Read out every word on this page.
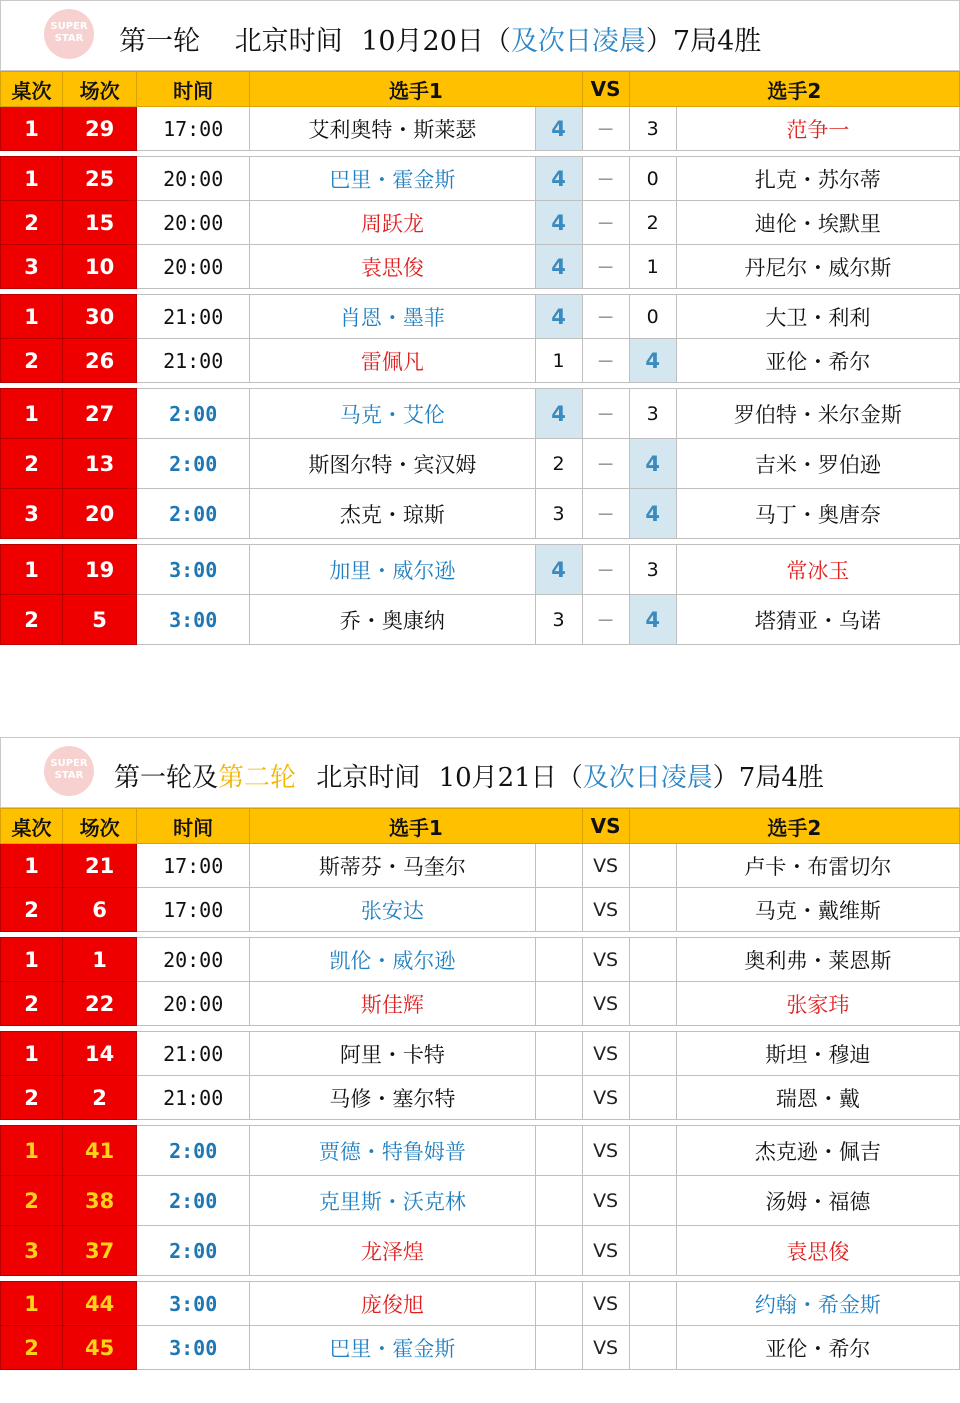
SUPER
STAR	第一轮 北京时间 10月20日（及次日凌晨）7局4胜
桌次	场次	时间	选手1		VS	选手2	
1	29	17:00	艾利奥特・斯莱瑟	4	－	3	范争一

1	25	20:00	巴里・霍金斯	4	－	0	扎克・苏尔蒂
2	15	20:00	周跃龙	4	－	2	迪伦・埃默里
3	10	20:00	袁思俊	4	－	1	丹尼尔・威尔斯

1	30	21:00	肖恩・墨菲	4	－	0	大卫・利利
2	26	21:00	雷佩凡	1	－	4	亚伦・希尔

1	27	2:00	马克・艾伦	4	－	3	罗伯特・米尔金斯
2	13	2:00	斯图尔特・宾汉姆	2	－	4	吉米・罗伯逊
3	20	2:00	杰克・琼斯	3	－	4	马丁・奥唐奈

1	19	3:00	加里・威尔逊	4	－	3	常冰玉
2	5	3:00	乔・奥康纳	3	－	4	塔猜亚・乌诺
SUPER
STAR	第一轮及第二轮 北京时间 10月21日（及次日凌晨）7局4胜
桌次	场次	时间	选手1		VS	选手2	
1	21	17:00	斯蒂芬・马奎尔		VS		卢卡・布雷切尔
2	6	17:00	张安达		VS		马克・戴维斯

1	1	20:00	凯伦・威尔逊		VS		奥利弗・莱恩斯
2	22	20:00	斯佳辉		VS		张家玮

1	14	21:00	阿里・卡特		VS		斯坦・穆迪
2	2	21:00	马修・塞尔特		VS		瑞恩・戴

1	41	2:00	贾德・特鲁姆普		VS		杰克逊・佩吉
2	38	2:00	克里斯・沃克林		VS		汤姆・福德
3	37	2:00	龙泽煌		VS		袁思俊

1	44	3:00	庞俊旭		VS		约翰・希金斯
2	45	3:00	巴里・霍金斯		VS		亚伦・希尔
